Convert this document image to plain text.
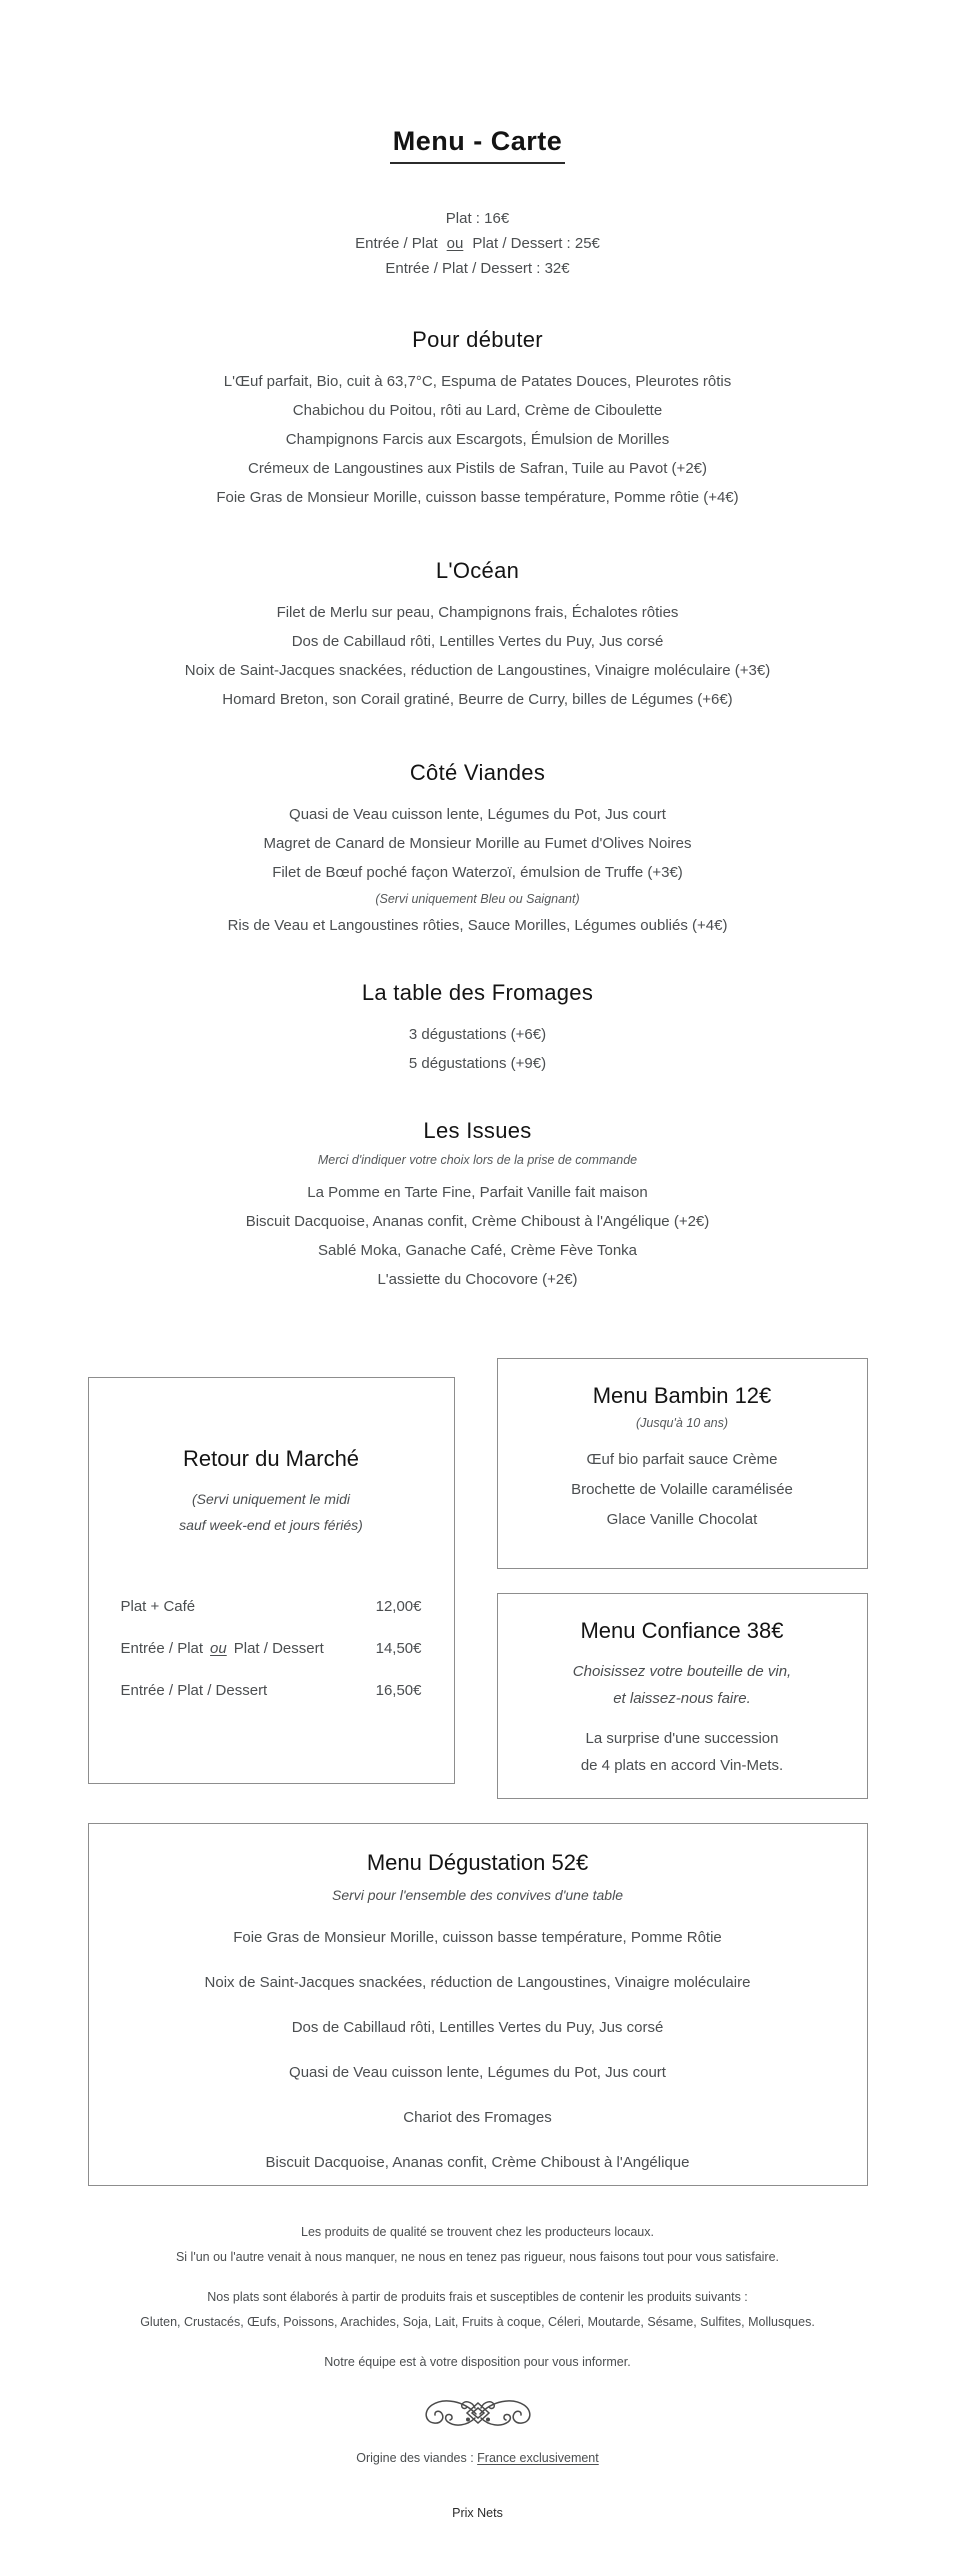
Menu - Carte
Plat : 16€
Entrée / Plat ou Plat / Dessert : 25€
Entrée / Plat / Dessert : 32€
Pour débuter
L'Œuf parfait, Bio, cuit à 63,7°C, Espuma de Patates Douces, Pleurotes rôtis
Chabichou du Poitou, rôti au Lard, Crème de Ciboulette
Champignons Farcis aux Escargots, Émulsion de Morilles
Crémeux de Langoustines aux Pistils de Safran, Tuile au Pavot (+2€)
Foie Gras de Monsieur Morille, cuisson basse température, Pomme rôtie (+4€)
L'Océan
Filet de Merlu sur peau, Champignons frais, Échalotes rôties
Dos de Cabillaud rôti, Lentilles Vertes du Puy, Jus corsé
Noix de Saint-Jacques snackées, réduction de Langoustines, Vinaigre moléculaire (+3€)
Homard Breton, son Corail gratiné, Beurre de Curry, billes de Légumes (+6€)
Côté Viandes
Quasi de Veau cuisson lente, Légumes du Pot, Jus court
Magret de Canard de Monsieur Morille au Fumet d'Olives Noires
Filet de Bœuf poché façon Waterzoï, émulsion de Truffe (+3€)
(Servi uniquement Bleu ou Saignant)
Ris de Veau et Langoustines rôties, Sauce Morilles, Légumes oubliés (+4€)
La table des Fromages
3 dégustations (+6€)
5 dégustations (+9€)
Les Issues
Merci d'indiquer votre choix lors de la prise de commande
La Pomme en Tarte Fine, Parfait Vanille fait maison
Biscuit Dacquoise, Ananas confit, Crème Chiboust à l'Angélique (+2€)
Sablé Moka, Ganache Café, Crème Fève Tonka
L'assiette du Chocovore (+2€)
Retour du Marché
(Servi uniquement le midi
sauf week-end et jours fériés)
Plat + Café	12,00€
Entrée / Plat ou Plat / Dessert	14,50€
Entrée / Plat / Dessert	16,50€
Menu Bambin 12€
(Jusqu'à 10 ans)
Œuf bio parfait sauce Crème
Brochette de Volaille caramélisée
Glace Vanille Chocolat
Menu Confiance 38€
Choisissez votre bouteille de vin,
et laissez-nous faire.
La surprise d'une succession
de 4 plats en accord Vin-Mets.
Menu Dégustation 52€
Servi pour l'ensemble des convives d'une table
Foie Gras de Monsieur Morille, cuisson basse température, Pomme Rôtie
Noix de Saint-Jacques snackées, réduction de Langoustines, Vinaigre moléculaire
Dos de Cabillaud rôti, Lentilles Vertes du Puy, Jus corsé
Quasi de Veau cuisson lente, Légumes du Pot, Jus court
Chariot des Fromages
Biscuit Dacquoise, Ananas confit, Crème Chiboust à l'Angélique

Les produits de qualité se trouvent chez les producteurs locaux.

Si l'un ou l'autre venait à nous manquer, ne nous en tenez pas rigueur, nous faisons tout pour vous satisfaire.

Nos plats sont élaborés à partir de produits frais et susceptibles de contenir les produits suivants :

Gluten, Crustacés, Œufs, Poissons, Arachides, Soja, Lait, Fruits à coque, Céleri, Moutarde, Sésame, Sulfites, Mollusques.

Notre équipe est à votre disposition pour vous informer.

Origine des viandes : France exclusivement
Prix Nets
